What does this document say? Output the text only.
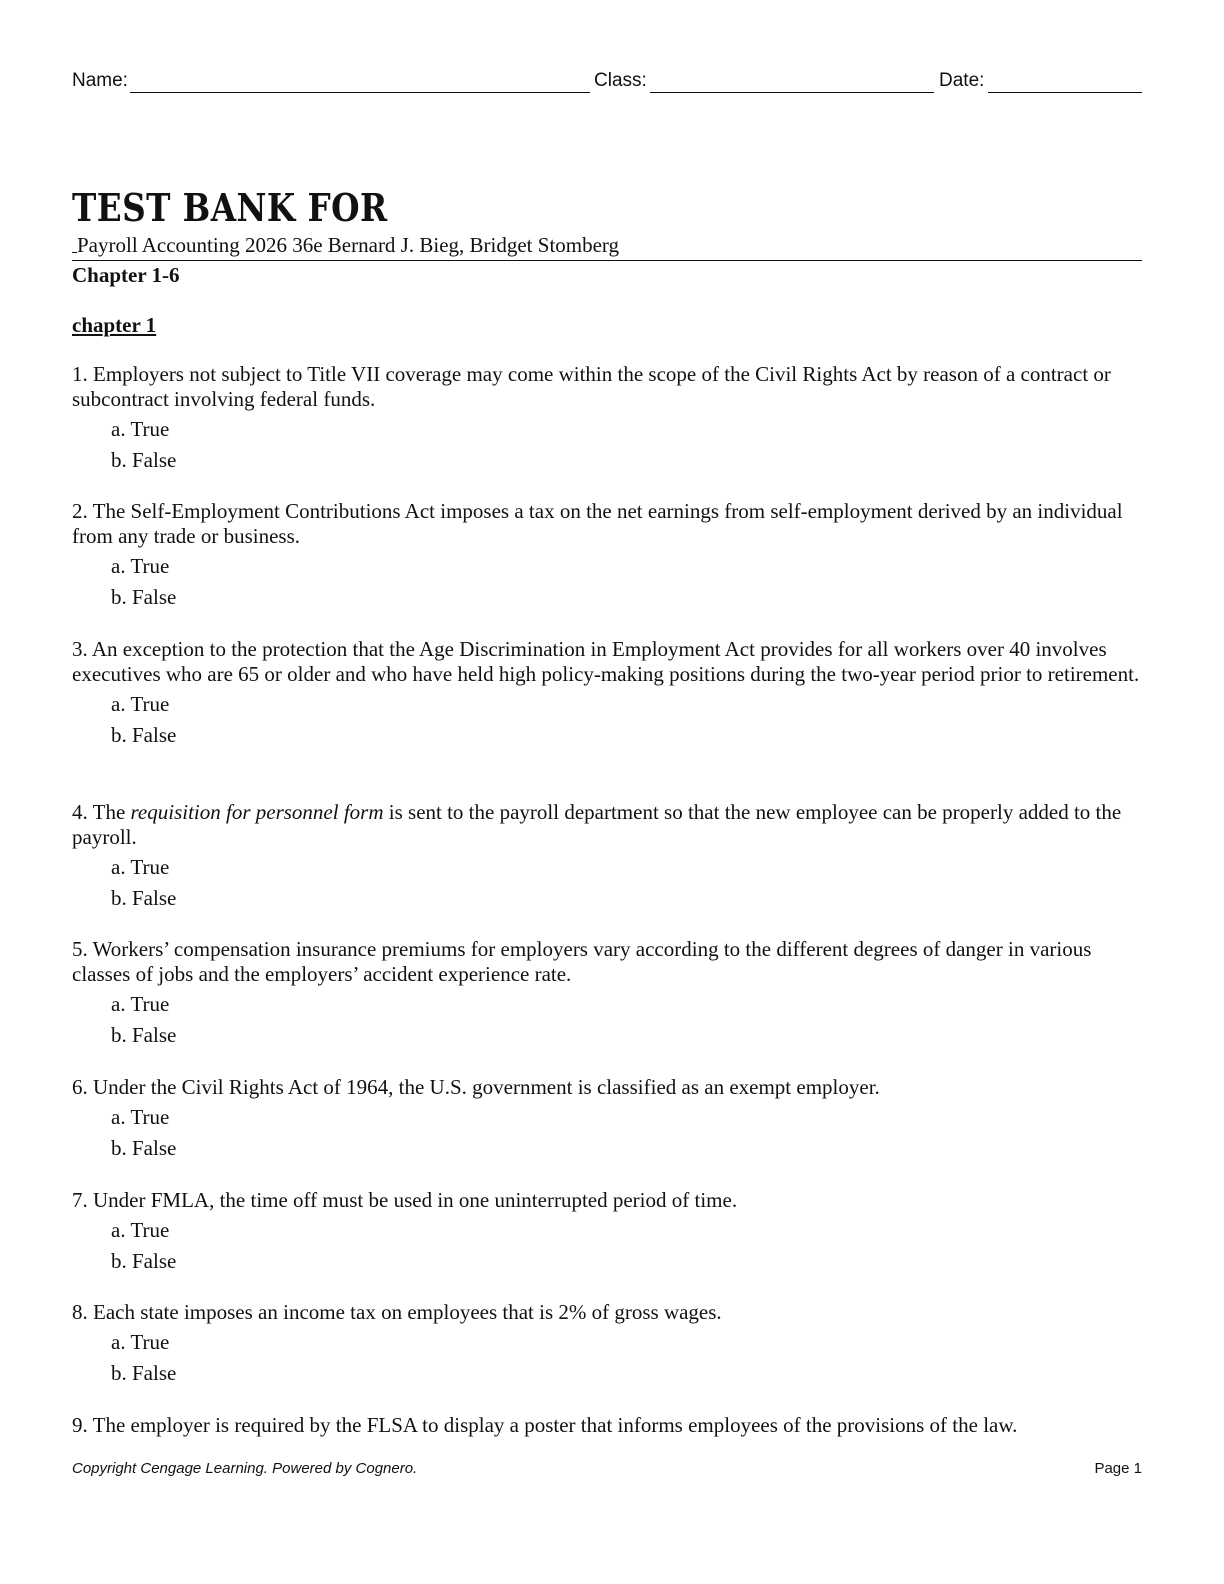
Name:	Class:	Date:
TEST BANK FOR
Payroll Accounting 2026 36e Bernard J. Bieg, Bridget Stomberg
Chapter 1-6
chapter 1

1. Employers not subject to Title VII coverage may come within the scope of the Civil Rights Act by reason of a contract or subcontract involving federal funds.

a. True
b. False

2. The Self-Employment Contributions Act imposes a tax on the net earnings from self-employment derived by an individual from any trade or business.

a. True
b. False

3. An exception to the protection that the Age Discrimination in Employment Act provides for all workers over 40 involves executives who are 65 or older and who have held high policy-making positions during the two-year period prior to retirement.

a. True
b. False

4. The requisition for personnel form is sent to the payroll department so that the new employee can be properly added to the payroll.

a. True
b. False

5. Workers’ compensation insurance premiums for employers vary according to the different degrees of danger in various classes of jobs and the employers’ accident experience rate.

a. True
b. False

6. Under the Civil Rights Act of 1964, the U.S. government is classified as an exempt employer.

a. True
b. False

7. Under FMLA, the time off must be used in one uninterrupted period of time.

a. True
b. False

8. Each state imposes an income tax on employees that is 2% of gross wages.

a. True
b. False

9. The employer is required by the FLSA to display a poster that informs employees of the provisions of the law.

Copyright Cengage Learning. Powered by Cognero.	Page 1
